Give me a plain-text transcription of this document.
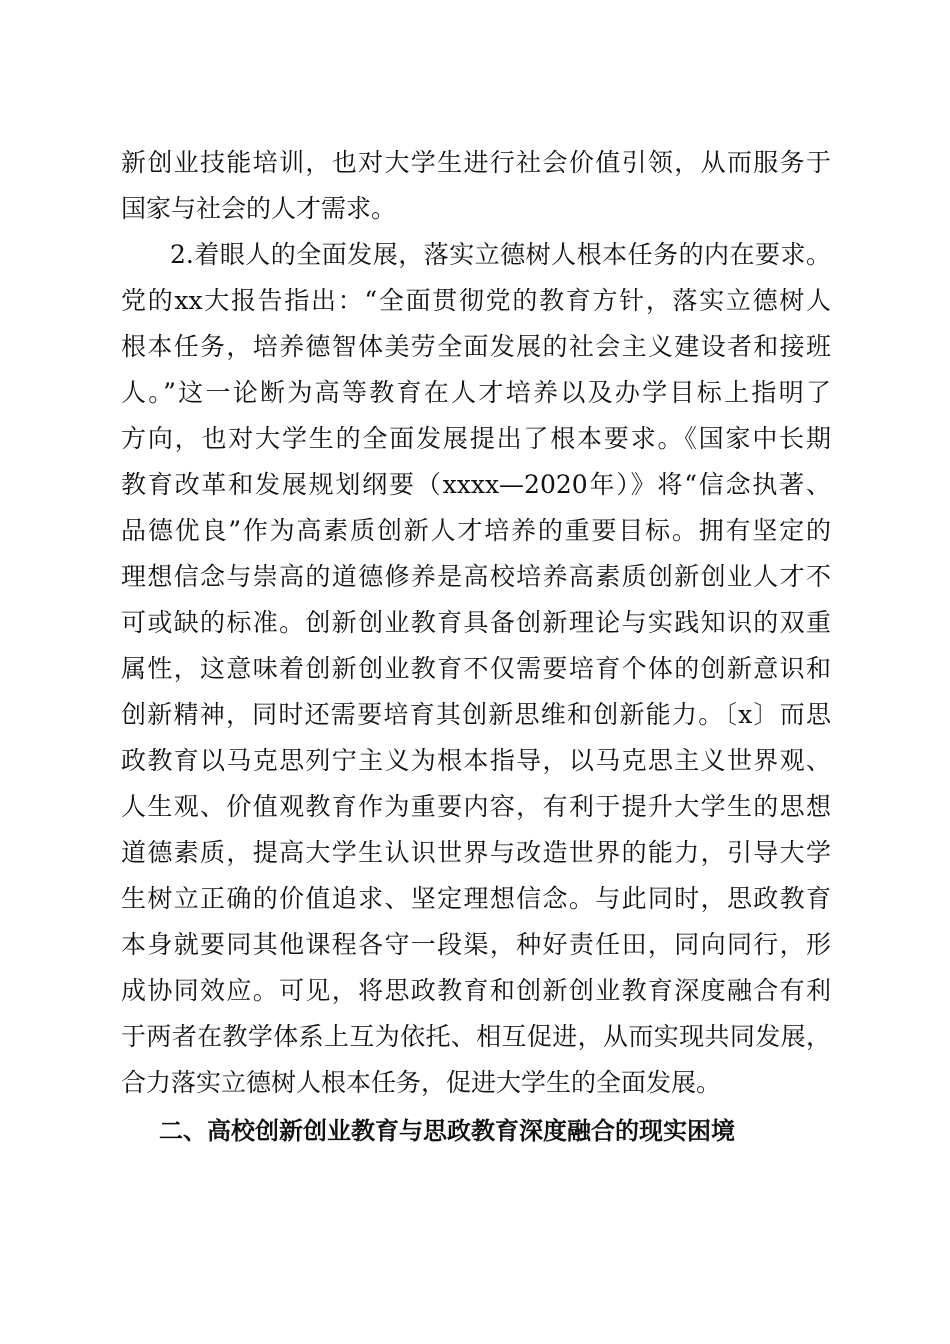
新创业技能培训，也对大学生进行社会价值引领，从而服务于

国家与社会的人才需求。

2.着眼人的全面发展，落实立德树人根本任务的内在要求。

党的xx大报告指出：“全面贯彻党的教育方针，落实立德树人

根本任务，培养德智体美劳全面发展的社会主义建设者和接班

人。”这一论断为高等教育在人才培养以及办学目标上指明了

方向，也对大学生的全面发展提出了根本要求。《国家中长期

教育改革和发展规划纲要（xxxx—2020年）》将“信念执著、

品德优良”作为高素质创新人才培养的重要目标。拥有坚定的

理想信念与崇高的道德修养是高校培养高素质创新创业人才不

可或缺的标准。创新创业教育具备创新理论与实践知识的双重

属性，这意味着创新创业教育不仅需要培育个体的创新意识和

创新精神，同时还需要培育其创新思维和创新能力。〔x〕而思

政教育以马克思列宁主义为根本指导，以马克思主义世界观、

人生观、价值观教育作为重要内容，有利于提升大学生的思想

道德素质，提高大学生认识世界与改造世界的能力，引导大学

生树立正确的价值追求、坚定理想信念。与此同时，思政教育

本身就要同其他课程各守一段渠，种好责任田，同向同行，形

成协同效应。可见，将思政教育和创新创业教育深度融合有利

于两者在教学体系上互为依托、相互促进，从而实现共同发展，

合力落实立德树人根本任务，促进大学生的全面发展。

二、高校创新创业教育与思政教育深度融合的现实困境
